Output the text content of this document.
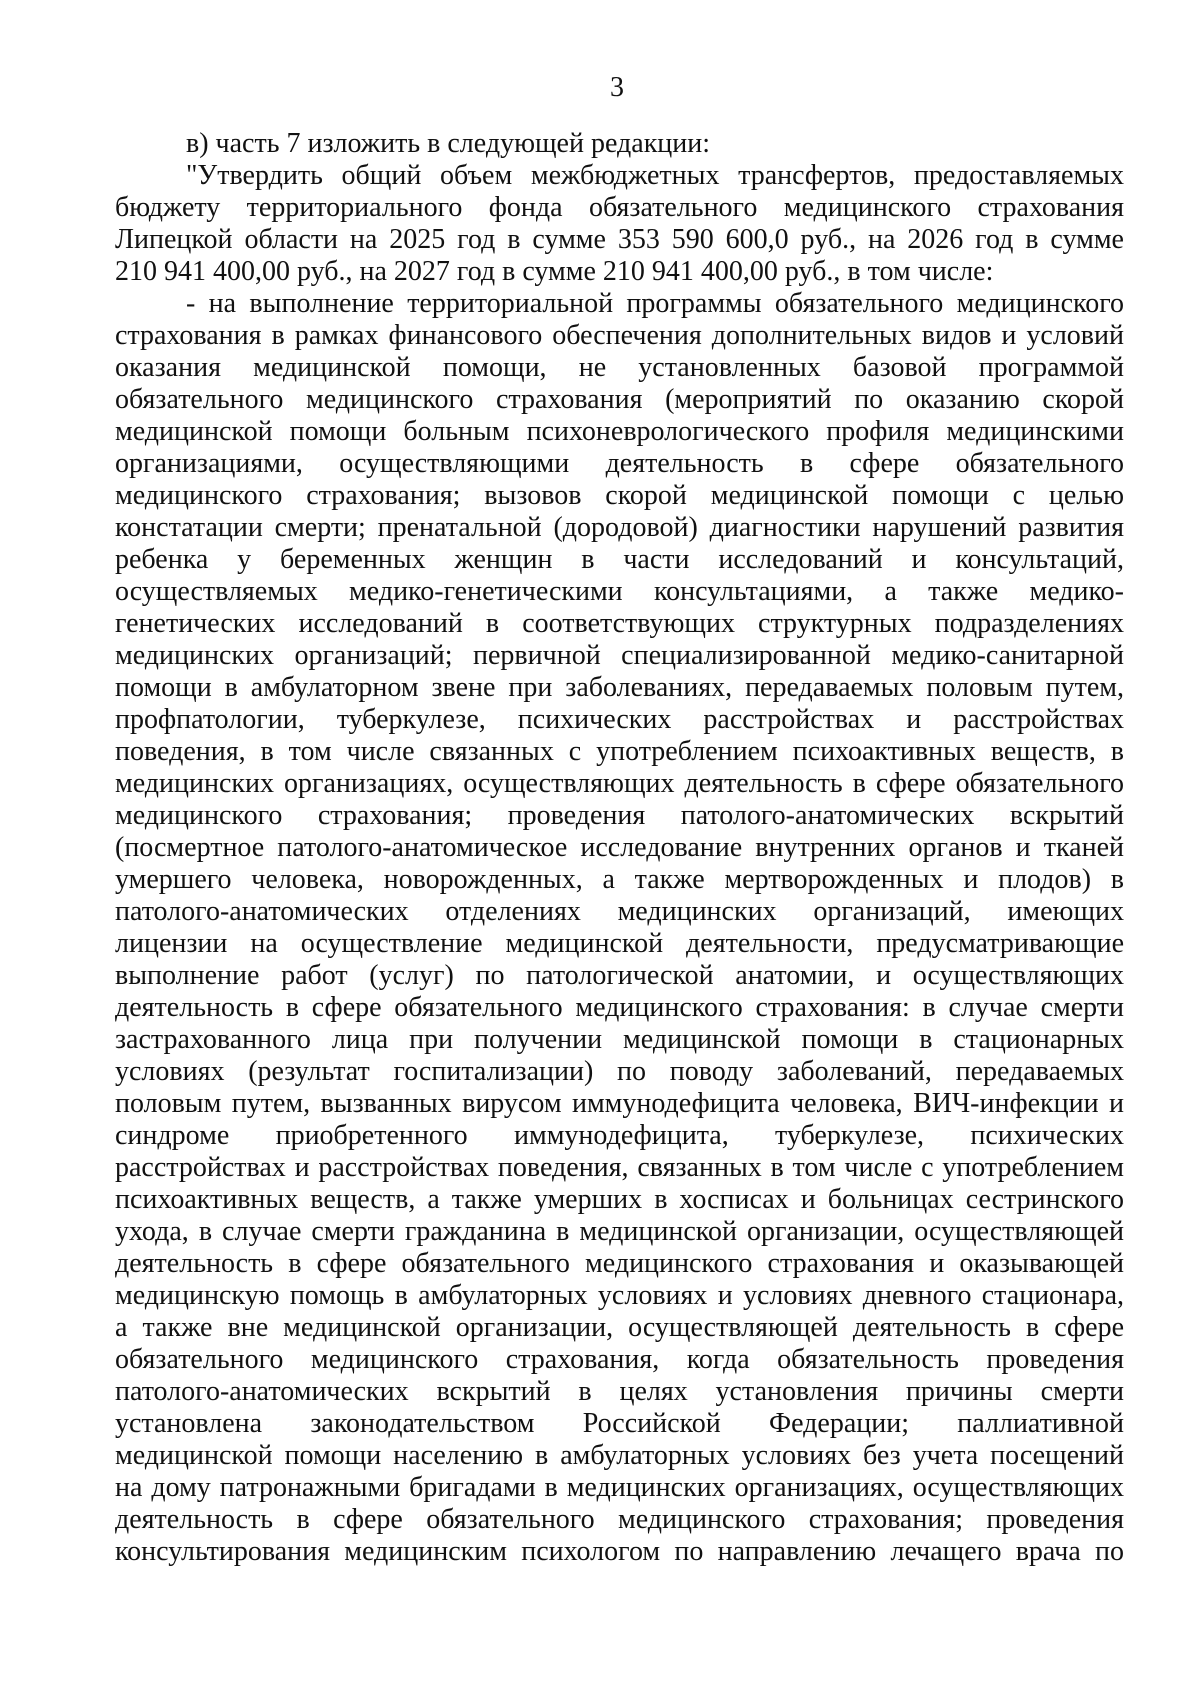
3
в) часть 7 изложить в следующей редакции:
"Утвердить общий объем межбюджетных трансфертов, предоставляемых
бюджету территориального фонда обязательного медицинского страхования
Липецкой области на 2025 год в сумме 353 590 600,0 руб., на 2026 год в сумме
210 941 400,00 руб., на 2027 год в сумме 210 941 400,00 руб., в том числе:
- на выполнение территориальной программы обязательного медицинского
страхования в рамках финансового обеспечения дополнительных видов и условий
оказания медицинской помощи, не установленных базовой программой
обязательного медицинского страхования (мероприятий по оказанию скорой
медицинской помощи больным психоневрологического профиля медицинскими
организациями, осуществляющими деятельность в сфере обязательного
медицинского страхования; вызовов скорой медицинской помощи с целью
констатации смерти; пренатальной (дородовой) диагностики нарушений развития
ребенка у беременных женщин в части исследований и консультаций,
осуществляемых медико-генетическими консультациями, а также медико-
генетических исследований в соответствующих структурных подразделениях
медицинских организаций; первичной специализированной медико-санитарной
помощи в амбулаторном звене при заболеваниях, передаваемых половым путем,
профпатологии, туберкулезе, психических расстройствах и расстройствах
поведения, в том числе связанных с употреблением психоактивных веществ, в
медицинских организациях, осуществляющих деятельность в сфере обязательного
медицинского страхования; проведения патолого-анатомических вскрытий
(посмертное патолого-анатомическое исследование внутренних органов и тканей
умершего человека, новорожденных, а также мертворожденных и плодов) в
патолого-анатомических отделениях медицинских организаций, имеющих
лицензии на осуществление медицинской деятельности, предусматривающие
выполнение работ (услуг) по патологической анатомии, и осуществляющих
деятельность в сфере обязательного медицинского страхования: в случае смерти
застрахованного лица при получении медицинской помощи в стационарных
условиях (результат госпитализации) по поводу заболеваний, передаваемых
половым путем, вызванных вирусом иммунодефицита человека, ВИЧ-инфекции и
синдроме приобретенного иммунодефицита, туберкулезе, психических
расстройствах и расстройствах поведения, связанных в том числе с употреблением
психоактивных веществ, а также умерших в хосписах и больницах сестринского
ухода, в случае смерти гражданина в медицинской организации, осуществляющей
деятельность в сфере обязательного медицинского страхования и оказывающей
медицинскую помощь в амбулаторных условиях и условиях дневного стационара,
а также вне медицинской организации, осуществляющей деятельность в сфере
обязательного медицинского страхования, когда обязательность проведения
патолого-анатомических вскрытий в целях установления причины смерти
установлена законодательством Российской Федерации; паллиативной
медицинской помощи населению в амбулаторных условиях без учета посещений
на дому патронажными бригадами в медицинских организациях, осуществляющих
деятельность в сфере обязательного медицинского страхования; проведения
консультирования медицинским психологом по направлению лечащего врача по
